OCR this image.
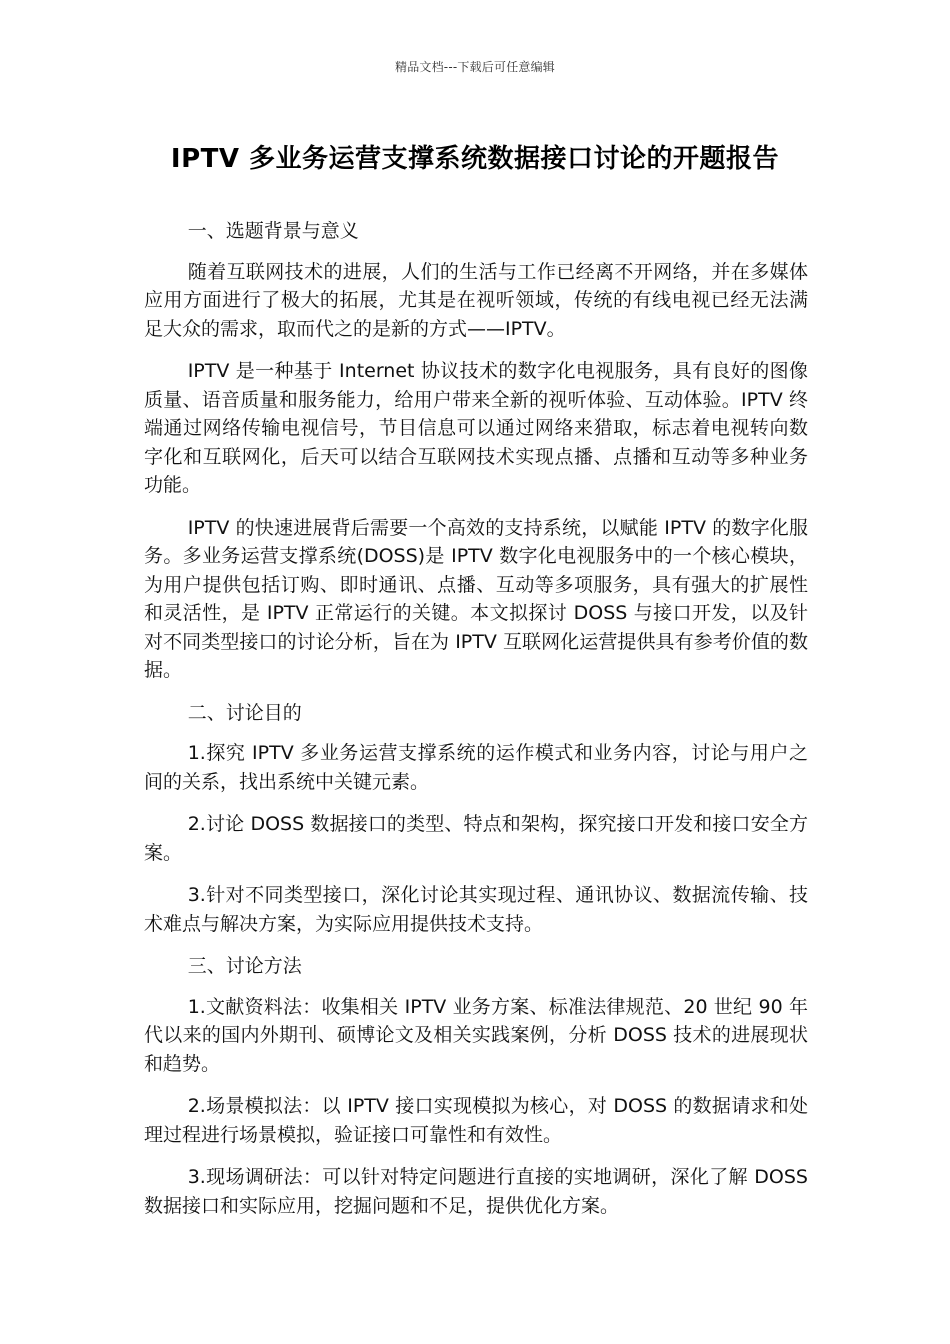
精品文档---下载后可任意编辑
IPTV 多业务运营支撑系统数据接口讨论的开题报告

一、选题背景与意义

随着互联网技术的进展，人们的生活与工作已经离不开网络，并在多媒体应用方面进行了极大的拓展，尤其是在视听领域，传统的有线电视已经无法满足大众的需求，取而代之的是新的方式——IPTV。

IPTV 是一种基于 Internet 协议技术的数字化电视服务，具有良好的图像质量、语音质量和服务能力，给用户带来全新的视听体验、互动体验。IPTV 终端通过网络传输电视信号，节目信息可以通过网络来猎取，标志着电视转向数字化和互联网化，后天可以结合互联网技术实现点播、点播和互动等多种业务功能。

IPTV 的快速进展背后需要一个高效的支持系统，以赋能 IPTV 的数字化服务。多业务运营支撑系统(DOSS)是 IPTV 数字化电视服务中的一个核心模块，为用户提供包括订购、即时通讯、点播、互动等多项服务，具有强大的扩展性和灵活性，是 IPTV 正常运行的关键。本文拟探讨 DOSS 与接口开发，以及针对不同类型接口的讨论分析，旨在为 IPTV 互联网化运营提供具有参考价值的数据。

二、讨论目的

1.探究 IPTV 多业务运营支撑系统的运作模式和业务内容，讨论与用户之间的关系，找出系统中关键元素。

2.讨论 DOSS 数据接口的类型、特点和架构，探究接口开发和接口安全方案。

3.针对不同类型接口，深化讨论其实现过程、通讯协议、数据流传输、技术难点与解决方案，为实际应用提供技术支持。

三、讨论方法

1.文献资料法：收集相关 IPTV 业务方案、标准法律规范、20 世纪 90 年代以来的国内外期刊、硕博论文及相关实践案例，分析 DOSS 技术的进展现状和趋势。

2.场景模拟法：以 IPTV 接口实现模拟为核心，对 DOSS 的数据请求和处理过程进行场景模拟，验证接口可靠性和有效性。

3.现场调研法：可以针对特定问题进行直接的实地调研，深化了解 DOSS 数据接口和实际应用，挖掘问题和不足，提供优化方案。
